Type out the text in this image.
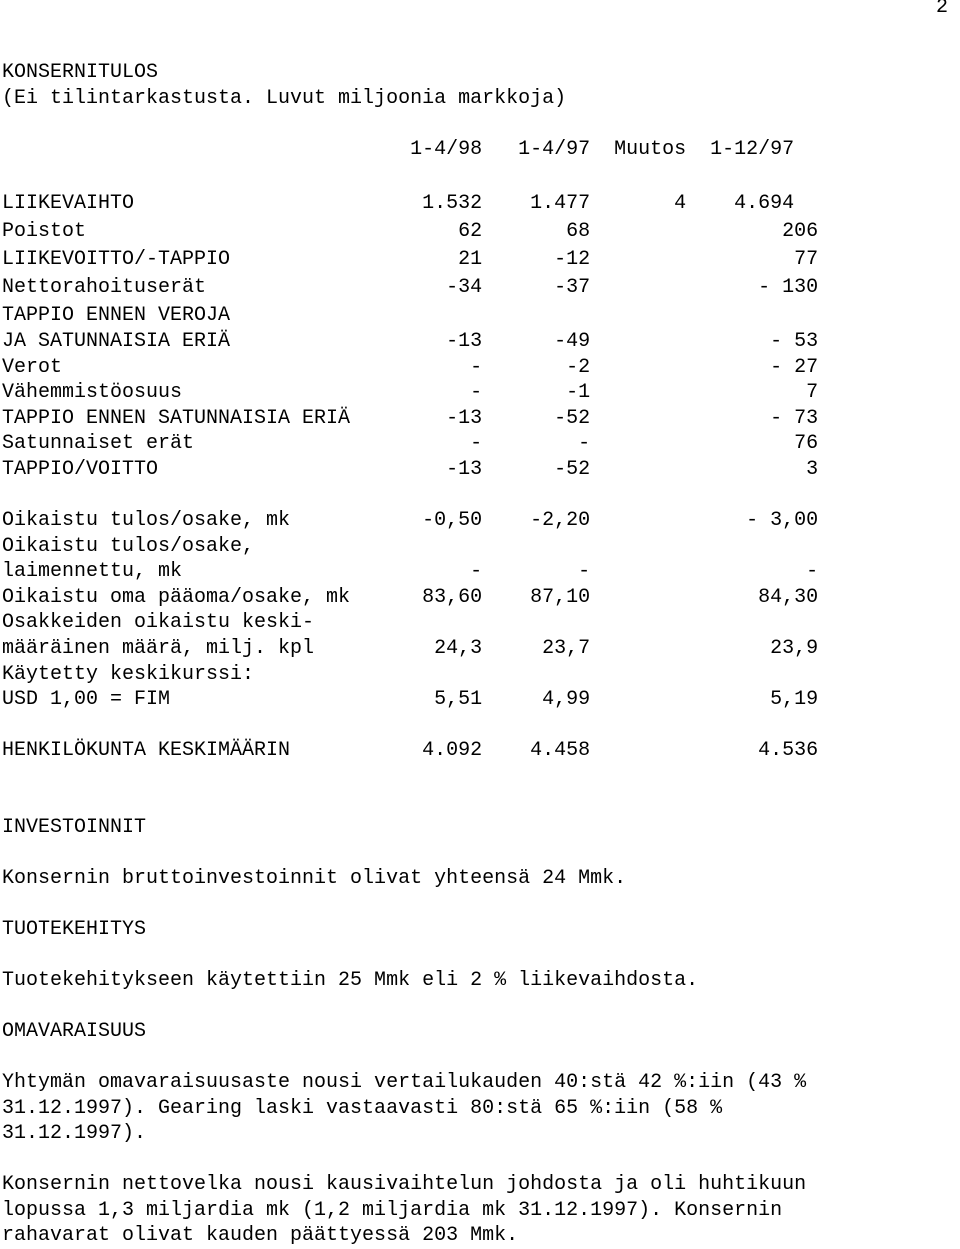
2
KONSERNITULOS
(Ei tilintarkastusta. Luvut miljoonia markkoja)
1-4/98   1-4/97  Muutos  1-12/97
LIIKEVAIHTO                        1.532    1.477       4    4.694
Poistot                               62       68                206
LIIKEVOITTO/-TAPPIO                   21      -12                 77
Nettorahoituserät                    -34      -37              - 130
TAPPIO ENNEN VEROJA
JA SATUNNAISIA ERIÄ                  -13      -49               - 53
Verot                                  -       -2               - 27
Vähemmistöosuus                        -       -1                  7
TAPPIO ENNEN SATUNNAISIA ERIÄ        -13      -52               - 73
Satunnaiset erät                       -        -                 76
TAPPIO/VOITTO                        -13      -52                  3
Oikaistu tulos/osake, mk           -0,50    -2,20             - 3,00
Oikaistu tulos/osake,
laimennettu, mk                        -        -                  -
Oikaistu oma pääoma/osake, mk      83,60    87,10              84,30
Osakkeiden oikaistu keski-
määräinen määrä, milj. kpl          24,3     23,7               23,9
Käytetty keskikurssi:
USD 1,00 = FIM                      5,51     4,99               5,19
HENKILÖKUNTA KESKIMÄÄRIN           4.092    4.458              4.536
INVESTOINNIT
Konsernin bruttoinvestoinnit olivat yhteensä 24 Mmk.
TUOTEKEHITYS
Tuotekehitykseen käytettiin 25 Mmk eli 2 % liikevaihdosta.
OMAVARAISUUS
Yhtymän omavaraisuusaste nousi vertailukauden 40:stä 42 %:iin (43 %
31.12.1997). Gearing laski vastaavasti 80:stä 65 %:iin (58 %
31.12.1997).
Konsernin nettovelka nousi kausivaihtelun johdosta ja oli huhtikuun
lopussa 1,3 miljardia mk (1,2 miljardia mk 31.12.1997). Konsernin
rahavarat olivat kauden päättyessä 203 Mmk.
